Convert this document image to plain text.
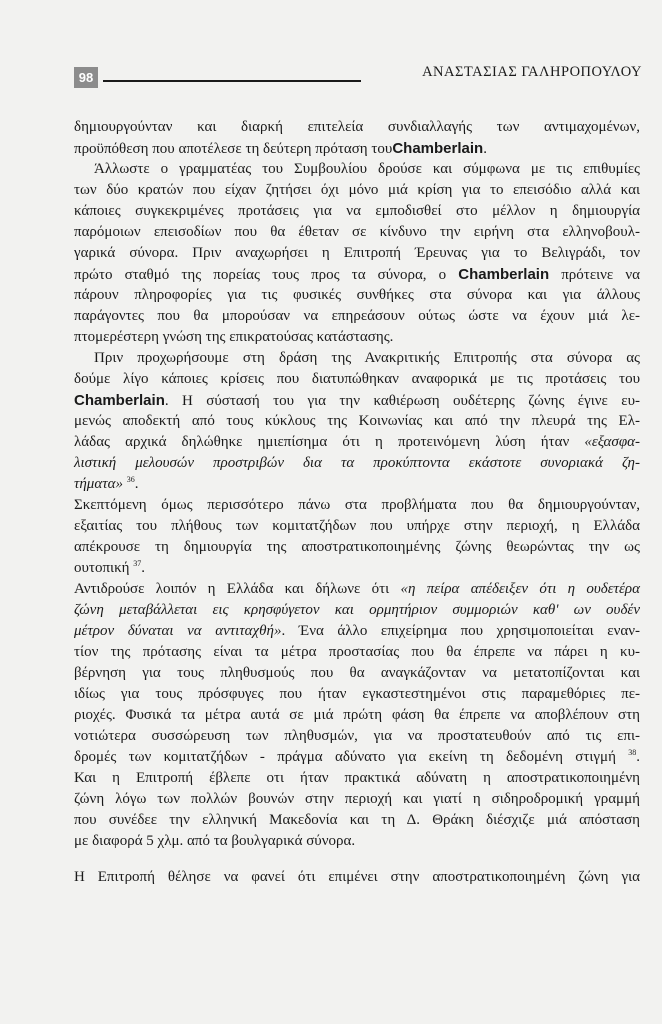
98	ΑΝΑΣΤΑΣΙΑΣ ΓΑΛΗΡΟΠΟΥΛΟΥ
δημιουργούνταν και διαρκή επιτελεία συνδιαλλαγής των αντιμαχομένων,
προϋπόθεση που αποτέλεσε τη δεύτερη πρόταση τουChamberlain.
Άλλωστε ο γραμματέας του Συμβουλίου δρούσε και σύμφωνα με τις επιθυμίες
των δύο κρατών που είχαν ζητήσει όχι μόνο μιά κρίση για το επεισόδιο αλλά και
κάποιες συγκεκριμένες προτάσεις για να εμποδισθεί στο μέλλον η δημιουργία
παρόμοιων επεισοδίων που θα έθεταν σε κίνδυνο την ειρήνη στα ελληνοβουλ-
γαρικά σύνορα. Πριν αναχωρήσει η Επιτροπή Έρευνας για το Βελιγράδι, τον
πρώτο σταθμό της πορείας τους προς τα σύνορα, ο Chamberlain πρότεινε να
πάρουν πληροφορίες για τις φυσικές συνθήκες στα σύνορα και για άλλους
παράγοντες που θα μπορούσαν να επηρεάσουν ούτως ώστε να έχουν μιά λε-
πτομερέστερη γνώση της επικρατούσας κατάστασης.
Πριν προχωρήσουμε στη δράση της Ανακριτικής Επιτροπής στα σύνορα ας
δούμε λίγο κάποιες κρίσεις που διατυπώθηκαν αναφορικά με τις προτάσεις του
Chamberlain. Η σύστασή του για την καθιέρωση ουδέτερης ζώνης έγινε ευ-
μενώς αποδεκτή από τους κύκλους της Κοινωνίας και από την πλευρά της Ελ-
λάδας αρχικά δηλώθηκε ημιεπίσημα ότι η προτεινόμενη λύση ήταν «εξασφα-
λιστική μελουσών προστριβών δια τα προκύπτοντα εκάστοτε συνοριακά ζη-
τήματα» $^{36}$.
Σκεπτόμενη όμως περισσότερο πάνω στα προβλήματα που θα δημιουργούνταν,
εξαιτίας του πλήθους των κομιτατζήδων που υπήρχε στην περιοχή, η Ελλάδα
απέκρουσε τη δημιουργία της αποστρατικοποιημένης ζώνης θεωρώντας την ως
ουτοπική $^{37}$.
Αντιδρούσε λοιπόν η Ελλάδα και δήλωνε ότι «η πείρα απέδειξεν ότι η ουδετέρα
ζώνη μεταβάλλεται εις κρησφύγετον και ορμητήριον συμμοριών καθ' ων ουδέν
μέτρον δύναται να αντιταχθή». Ένα άλλο επιχείρημα που χρησιμοποιείται εναν-
τίον της πρότασης είναι τα μέτρα προστασίας που θα έπρεπε να πάρει η κυ-
βέρνηση για τους πληθυσμούς που θα αναγκάζονταν να μετατοπίζονται και
ιδίως για τους πρόσφυγες που ήταν εγκαστεστημένοι στις παραμεθόριες πε-
ριοχές. Φυσικά τα μέτρα αυτά σε μιά πρώτη φάση θα έπρεπε να αποβλέπουν στη
νοτιώτερα συσσώρευση των πληθυσμών, για να προστατευθούν από τις επι-
δρομές των κομιτατζήδων - πράγμα αδύνατο για εκείνη τη δεδομένη στιγμή $^{38}$.
Και η Επιτροπή έβλεπε οτι ήταν πρακτικά αδύνατη η αποστρατικοποιημένη
ζώνη λόγω των πολλών βουνών στην περιοχή και γιατί η σιδηροδρομική γραμμή
που συνέδεε την ελληνική Μακεδονία και τη Δ. Θράκη διέσχιζε μιά απόσταση
με διαφορά 5 χλμ. από τα βουλγαρικά σύνορα.
Η Επιτροπή θέλησε να φανεί ότι επιμένει στην αποστρατικοποιημένη ζώνη για
